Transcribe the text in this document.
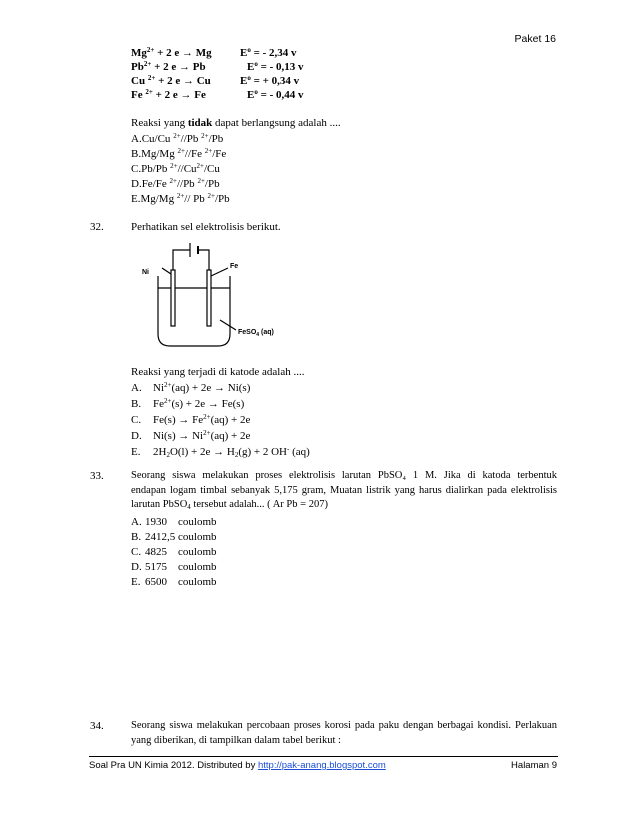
Paket 16
$Mg^{2+} + 2$ e → Mg	$E^o$ = - 2,34 v
$Pb^{2+} + 2$ e → Pb	$E^o$ = - 0,13 v
Cu $^{2+}$ + 2 e → Cu	$E^o$ = + 0,34 v
Fe $^{2+}$ + 2 e → Fe	$E^o$ = - 0,44 v
Reaksi yang tidak dapat berlangsung adalah ....
A.Cu/Cu $^{2+}$//Pb $^{2+}$/Pb
B.Mg/Mg $^{2+}$//Fe $^{2+}$/Fe
C.Pb/Pb $^{2+}//Cu^{2+}/Cu$
D.Fe/Fe $^{2+}$//Pb $^{2+}$/Pb
E.Mg/Mg $^{2+}$// Pb $^{2+}$/Pb
32. Perhatikan sel elektrolisis berikut.
Ni
Fe
FeSO$_4$ (aq)
Reaksi yang terjadi di katode adalah ....
A. $Ni^{2+}(aq) + 2e \to Ni(s)$
B. $Fe^{2+}(s) + 2e \to Fe(s)$
C. $Fe(s) \to Fe^{2+}(aq) + 2e$
D. $Ni(s) \to Ni^{2+}(aq) + 2e$
E. $2H_2O(l) + 2e \to H_2(g) + 2$ OH- (aq)
33.	Seorang siswa melakukan proses elektrolisis larutan PbSO₄ 1 M. Jika di katoda terbentuk
endapan logam timbal sebanyak 5,175 gram, Muatan listrik yang harus dialirkan pada elektrolisis
larutan PbSO$_4$ tersebut adalah... ( Ar Pb = 207)
A. 1930 coulomb
B. 2412,5 coulomb
C. 4825 coulomb
D. 5175 coulomb
E. 6500 coulomb
34.	Seorang siswa melakukan percobaan proses korosi pada paku dengan berbagai kondisi. Perlakuan
yang diberikan, di tampilkan dalam tabel berikut :
Soal Pra UN Kimia 2012. Distributed by http://pak-anang.blogspot.com	Halaman 9
